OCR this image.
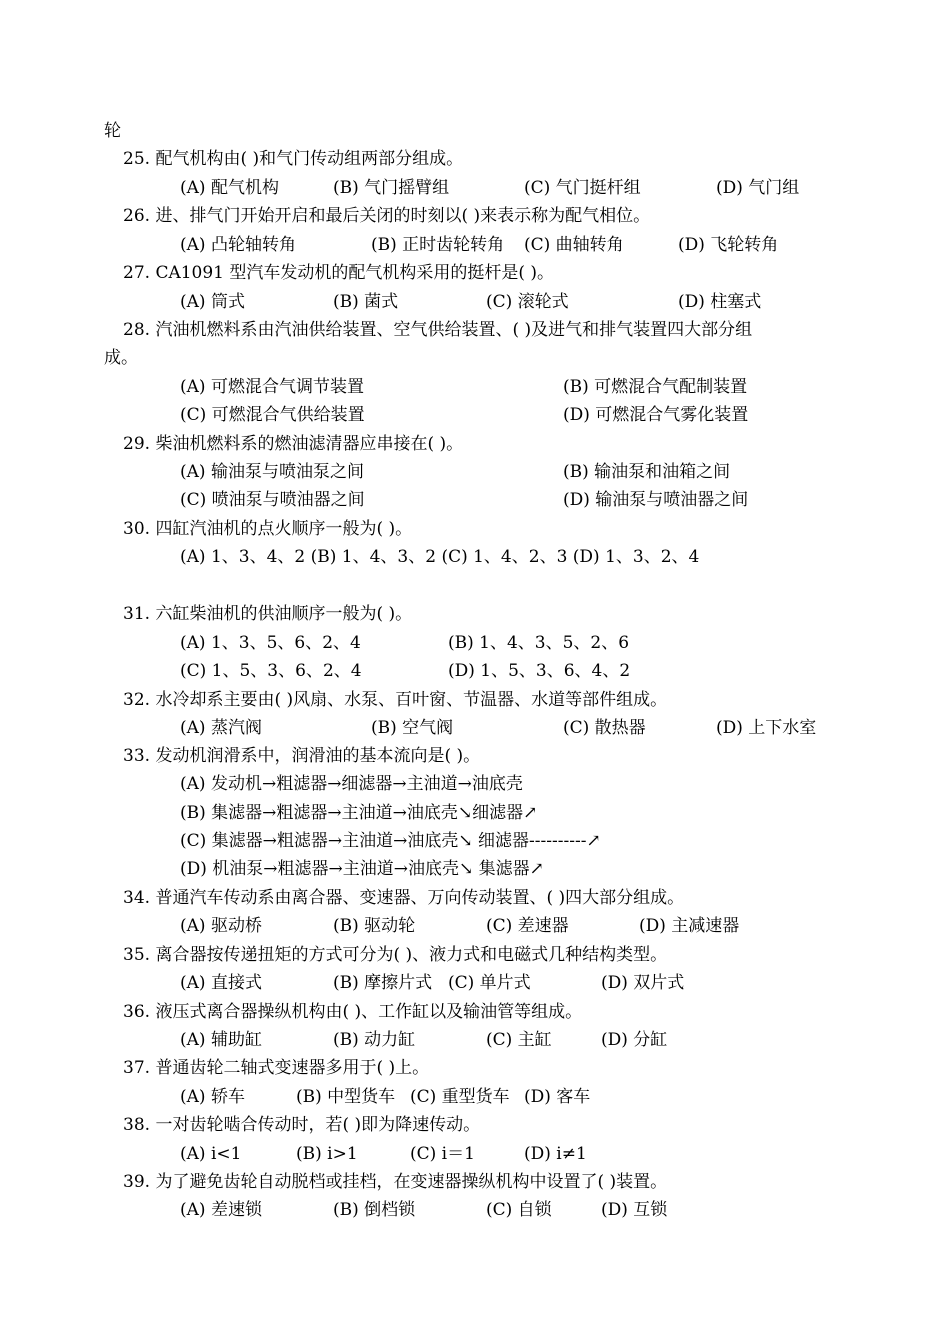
轮
25. 配气机构由( )和气门传动组两部分组成。
26. 进、排气门开始开启和最后关闭的时刻以( )来表示称为配气相位。
27. CA1091 型汽车发动机的配气机构采用的挺杆是( )。
28. 汽油机燃料系由汽油供给装置、空气供给装置、( )及进气和排气装置四大部分组
成。
29. 柴油机燃料系的燃油滤清器应串接在( )。
30. 四缸汽油机的点火顺序一般为( )。
(A) 1、3、4、2 (B) 1、4、3、2 (C) 1、4、2、3 (D) 1、3、2、4
31. 六缸柴油机的供油顺序一般为( )。
32. 水冷却系主要由( )风扇、水泵、百叶窗、节温器、水道等部件组成。
33. 发动机润滑系中，润滑油的基本流向是( )。
(A) 发动机→粗滤器→细滤器→主油道→油底壳
(B) 集滤器→粗滤器→主油道→油底壳↘细滤器↗
(C) 集滤器→粗滤器→主油道→油底壳↘ 细滤器----------↗
(D) 机油泵→粗滤器→主油道→油底壳↘ 集滤器↗
34. 普通汽车传动系由离合器、变速器、万向传动装置、( )四大部分组成。
35. 离合器按传递扭矩的方式可分为( )、液力式和电磁式几种结构类型。
36. 液压式离合器操纵机构由( )、工作缸以及输油管等组成。
37. 普通齿轮二轴式变速器多用于( )上。
38. 一对齿轮啮合传动时，若( )即为降速传动。
39. 为了避免齿轮自动脱档或挂档，在变速器操纵机构中设置了( )装置。
(A) 配气机构	(B) 气门摇臂组	(C) 气门挺杆组	(D) 气门组
(A) 凸轮轴转角	(B) 正时齿轮转角 (C) 曲轴转角	(D) 飞轮转角
(A) 筒式	(B) 菌式	(C) 滚轮式	(D) 柱塞式
(A) 可燃混合气调节装置	(B) 可燃混合气配制装置
(C) 可燃混合气供给装置	(D) 可燃混合气雾化装置
(A) 输油泵与喷油泵之间	(B) 输油泵和油箱之间
(C) 喷油泵与喷油器之间	(D) 输油泵与喷油器之间
(A) 1、3、5、6、2、4	(B) 1、4、3、5、2、6
(C) 1、5、3、6、2、4	(D) 1、5、3、6、4、2
(A) 蒸汽阀	(B) 空气阀	(C) 散热器	(D) 上下水室
(A) 驱动桥	(B) 驱动轮	(C) 差速器	(D) 主减速器
(A) 直接式	(B) 摩擦片式 (C) 单片式	(D) 双片式
(A) 辅助缸	(B) 动力缸	(C) 主缸	(D) 分缸
(A) 轿车	(B) 中型货车 (C) 重型货车 (D) 客车
(A) i<1	(B) i>1	(C) i＝1	(D) i≠1
(A) 差速锁	(B) 倒档锁	(C) 自锁	(D) 互锁
